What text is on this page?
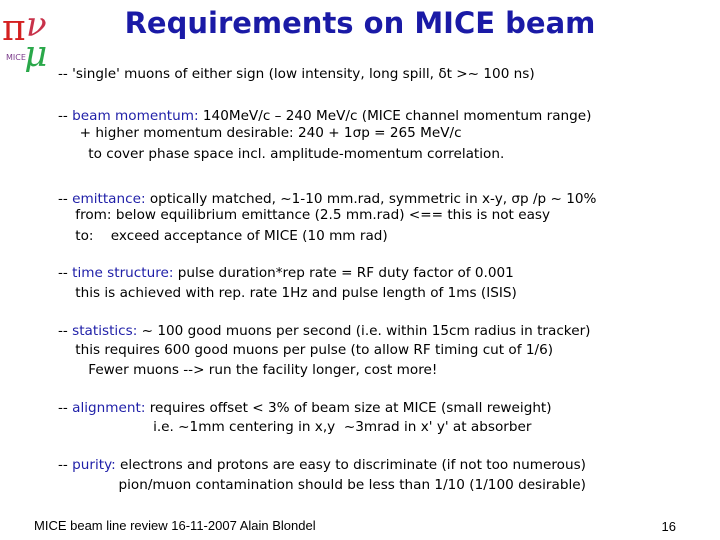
π ν
μ
MICE
Requirements on MICE beam
-- 'single' muons of either sign (low intensity, long spill, δt >~ 100 ns)
-- beam momentum: 140MeV/c – 240 MeV/c (MICE channel momentum range)
+ higher momentum desirable: 240 + 1σp = 265 MeV/c
to cover phase space incl. amplitude-momentum correlation.
-- emittance: optically matched, ~1-10 mm.rad, symmetric in x-y, σp /p ~ 10%
from: below equilibrium emittance (2.5 mm.rad) <== this is not easy
to:    exceed acceptance of MICE (10 mm rad)
-- time structure: pulse duration*rep rate = RF duty factor of 0.001
this is achieved with rep. rate 1Hz and pulse length of 1ms (ISIS)
-- statistics: ~ 100 good muons per second (i.e. within 15cm radius in tracker)
this requires 600 good muons per pulse (to allow RF timing cut of 1/6)
Fewer muons --> run the facility longer, cost more!
-- alignment: requires offset < 3% of beam size at MICE (small reweight)
i.e. ~1mm centering in x,y  ~3mrad in x' y' at absorber
-- purity: electrons and protons are easy to discriminate (if not too numerous)
pion/muon contamination should be less than 1/10 (1/100 desirable)
MICE beam line review 16-11-2007 Alain Blondel	16
